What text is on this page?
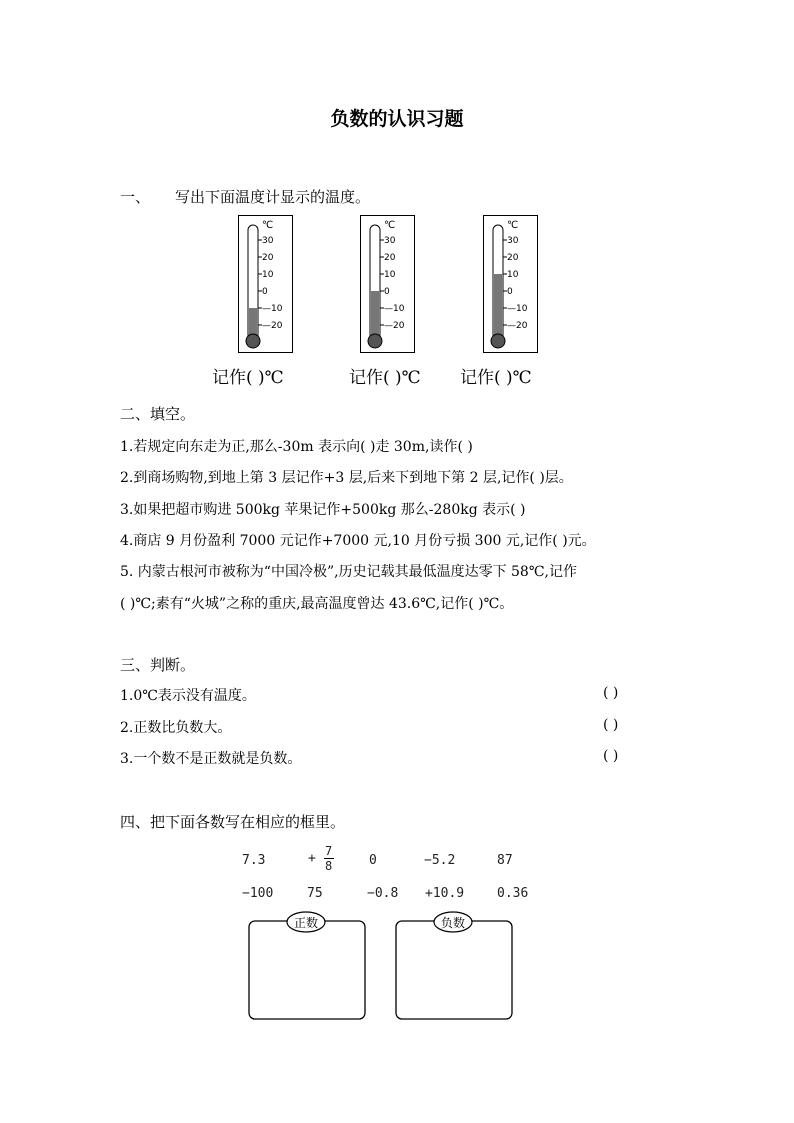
负数的认识习题
一、 写出下面温度计显示的温度。
℃
30
20
10
0
—10
—20
℃
30
20
10
0
—10
—20
℃
30
20
10
0
—10
—20
记作( )℃	记作( )℃ 记作( )℃
二、填空。
1.若规定向东走为正,那么-30m 表示向( )走 30m,读作( )
2.到商场购物,到地上第 3 层记作+3 层,后来下到地下第 2 层,记作( )层。
3.如果把超市购进 500kg 苹果记作+500kg 那么-280kg 表示( )
4.商店 9 月份盈利 7000 元记作+7000 元,10 月份亏损 300 元,记作( )元。
5. 内蒙古根河市被称为“中国冷极”,历史记载其最低温度达零下 58℃,记作
( )℃;素有“火城”之称的重庆,最高温度曾达 43.6℃,记作( )℃。
三、判断。
1.0℃表示没有温度。	( )
2.正数比负数大。	( )
3.一个数不是正数就是负数。	( )
四、把下面各数写在相应的框里。
7.3	+ $\frac{7}{8}$	0	−5.2	87
−100	75	−0.8 +10.9	0.36
正数	负数
